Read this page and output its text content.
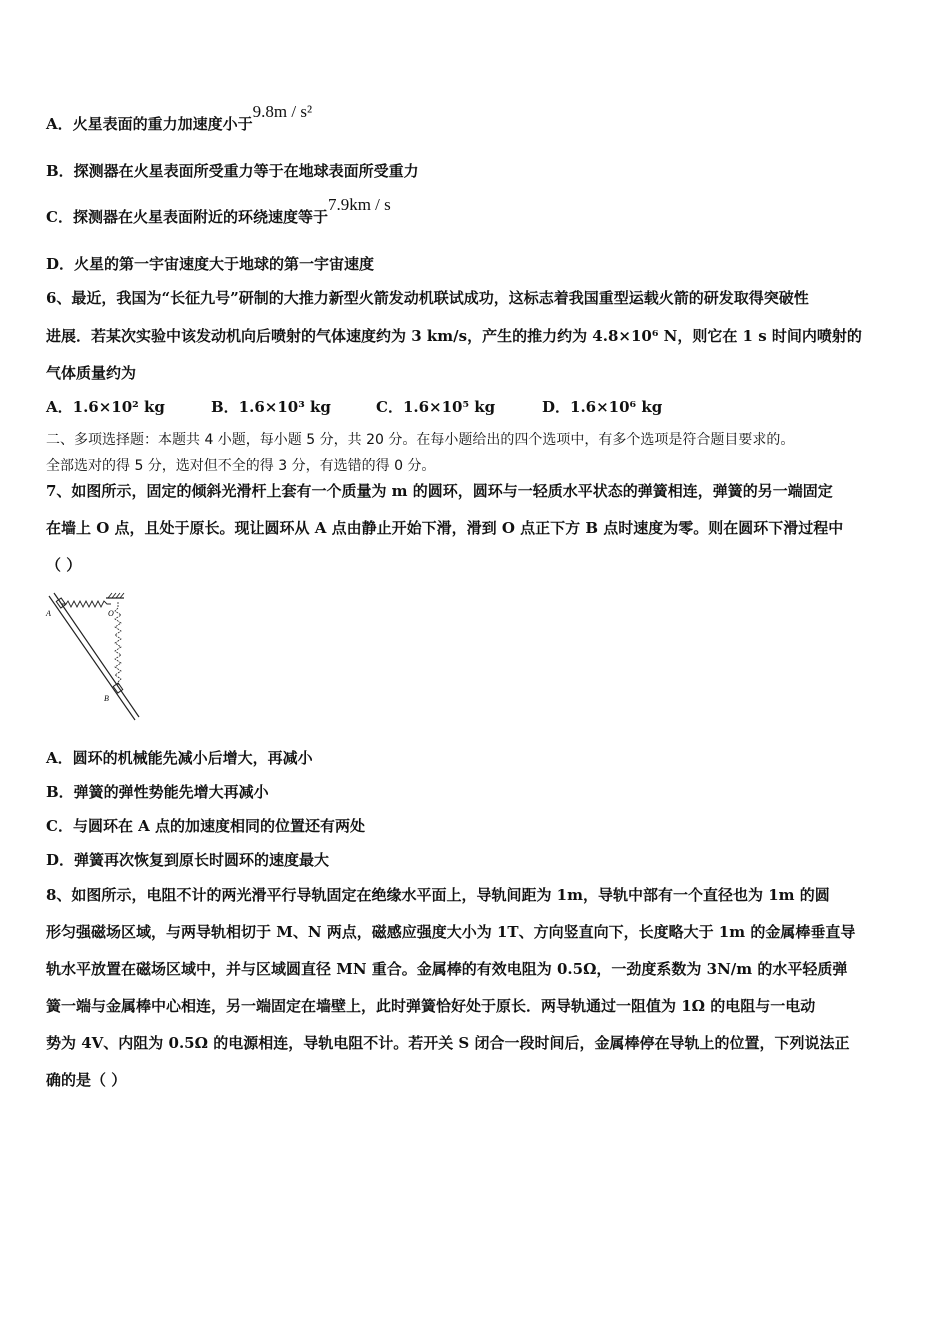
A．火星表面的重力加速度小于9.8m / s²
B．探测器在火星表面所受重力等于在地球表面所受重力
C．探测器在火星表面附近的环绕速度等于7.9km / s
D．火星的第一宇宙速度大于地球的第一宇宙速度
6、最近，我国为“长征九号”研制的大推力新型火箭发动机联试成功，这标志着我国重型运载火箭的研发取得突破性
进展．若某次实验中该发动机向后喷射的气体速度约为 3 km/s，产生的推力约为 4.8×10⁶ N，则它在 1 s 时间内喷射的
气体质量约为
A．1.6×10² kg	B．1.6×10³ kg	C．1.6×10⁵ kg	D．1.6×10⁶ kg
二、多项选择题：本题共 4 小题，每小题 5 分，共 20 分。在每小题给出的四个选项中，有多个选项是符合题目要求的。
全部选对的得 5 分，选对但不全的得 3 分，有选错的得 0 分。
7、如图所示，固定的倾斜光滑杆上套有一个质量为 m 的圆环，圆环与一轻质水平状态的弹簧相连，弹簧的另一端固定
在墙上 O 点，且处于原长。现让圆环从 A 点由静止开始下滑，滑到 O 点正下方 B 点时速度为零。则在圆环下滑过程中
（ ）
A	O
B
A．圆环的机械能先减小后增大，再减小
B．弹簧的弹性势能先增大再减小
C．与圆环在 A 点的加速度相同的位置还有两处
D．弹簧再次恢复到原长时圆环的速度最大
8、如图所示，电阻不计的两光滑平行导轨固定在绝缘水平面上，导轨间距为 1m，导轨中部有一个直径也为 1m 的圆
形匀强磁场区域，与两导轨相切于 M、N 两点，磁感应强度大小为 1T、方向竖直向下，长度略大于 1m 的金属棒垂直导
轨水平放置在磁场区域中，并与区域圆直径 MN 重合。金属棒的有效电阻为 0.5Ω，一劲度系数为 3N/m 的水平轻质弹
簧一端与金属棒中心相连，另一端固定在墙壁上，此时弹簧恰好处于原长．两导轨通过一阻值为 1Ω 的电阻与一电动
势为 4V、内阻为 0.5Ω 的电源相连，导轨电阻不计。若开关 S 闭合一段时间后，金属棒停在导轨上的位置，下列说法正
确的是（ ）
